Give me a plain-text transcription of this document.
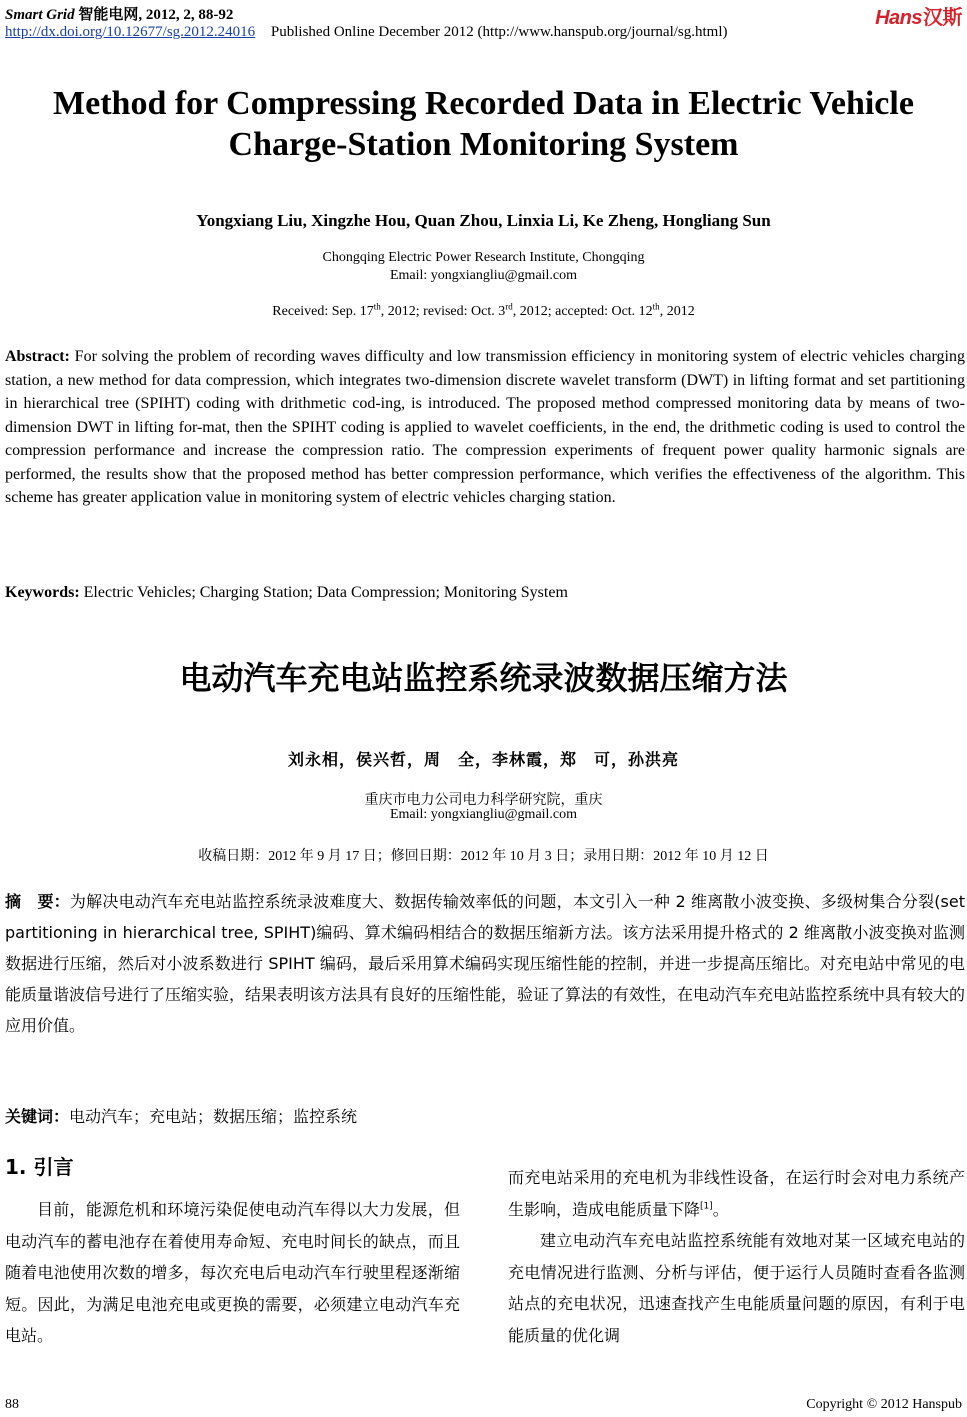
Smart Grid 智能电网, 2012, 2, 88-92
http://dx.doi.org/10.12677/sg.2012.24016 Published Online December 2012 (http://www.hanspub.org/journal/sg.html)
Hans汉斯
Method for Compressing Recorded Data in Electric Vehicle
Charge-Station Monitoring System
Yongxiang Liu, Xingzhe Hou, Quan Zhou, Linxia Li, Ke Zheng, Hongliang Sun
Chongqing Electric Power Research Institute, Chongqing
Email: yongxiangliu@gmail.com
Received: Sep. 17th, 2012; revised: Oct. 3rd, 2012; accepted: Oct. 12th, 2012
Abstract: For solving the problem of recording waves difficulty and low transmission efficiency in monitoring system of electric vehicles charging station, a new method for data compression, which integrates two-dimension discrete wavelet transform (DWT) in lifting format and set partitioning in hierarchical tree (SPIHT) coding with drithmetic cod-ing, is introduced. The proposed method compressed monitoring data by means of two-dimension DWT in lifting for-mat, then the SPIHT coding is applied to wavelet coefficients, in the end, the drithmetic coding is used to control the compression performance and increase the compression ratio. The compression experiments of frequent power quality harmonic signals are performed, the results show that the proposed method has better compression performance, which verifies the effectiveness of the algorithm. This scheme has greater application value in monitoring system of electric vehicles charging station.
Keywords: Electric Vehicles; Charging Station; Data Compression; Monitoring System
电动汽车充电站监控系统录波数据压缩方法
刘永相，侯兴哲，周　全，李林霞，郑　可，孙洪亮
重庆市电力公司电力科学研究院，重庆
Email: yongxiangliu@gmail.com
收稿日期：2012 年 9 月 17 日；修回日期：2012 年 10 月 3 日；录用日期：2012 年 10 月 12 日
摘　要：为解决电动汽车充电站监控系统录波难度大、数据传输效率低的问题，本文引入一种 2 维离散小波变换、多级树集合分裂(set partitioning in hierarchical tree, SPIHT)编码、算术编码相结合的数据压缩新方法。该方法采用提升格式的 2 维离散小波变换对监测数据进行压缩，然后对小波系数进行 SPIHT 编码，最后采用算术编码实现压缩性能的控制，并进一步提高压缩比。对充电站中常见的电能质量谐波信号进行了压缩实验，结果表明该方法具有良好的压缩性能，验证了算法的有效性，在电动汽车充电站监控系统中具有较大的应用价值。
关键词：电动汽车；充电站；数据压缩；监控系统
1. 引言

目前，能源危机和环境污染促使电动汽车得以大力发展，但电动汽车的蓄电池存在着使用寿命短、充电时间长的缺点，而且随着电池使用次数的增多，每次充电后电动汽车行驶里程逐渐缩短。因此，为满足电池充电或更换的需要，必须建立电动汽车充电站。

而充电站采用的充电机为非线性设备，在运行时会对电力系统产生影响，造成电能质量下降[1]。

建立电动汽车充电站监控系统能有效地对某一区域充电站的充电情况进行监测、分析与评估，便于运行人员随时查看各监测站点的充电状况，迅速查找产生电能质量问题的原因，有利于电能质量的优化调

88	Copyright © 2012 Hanspub
